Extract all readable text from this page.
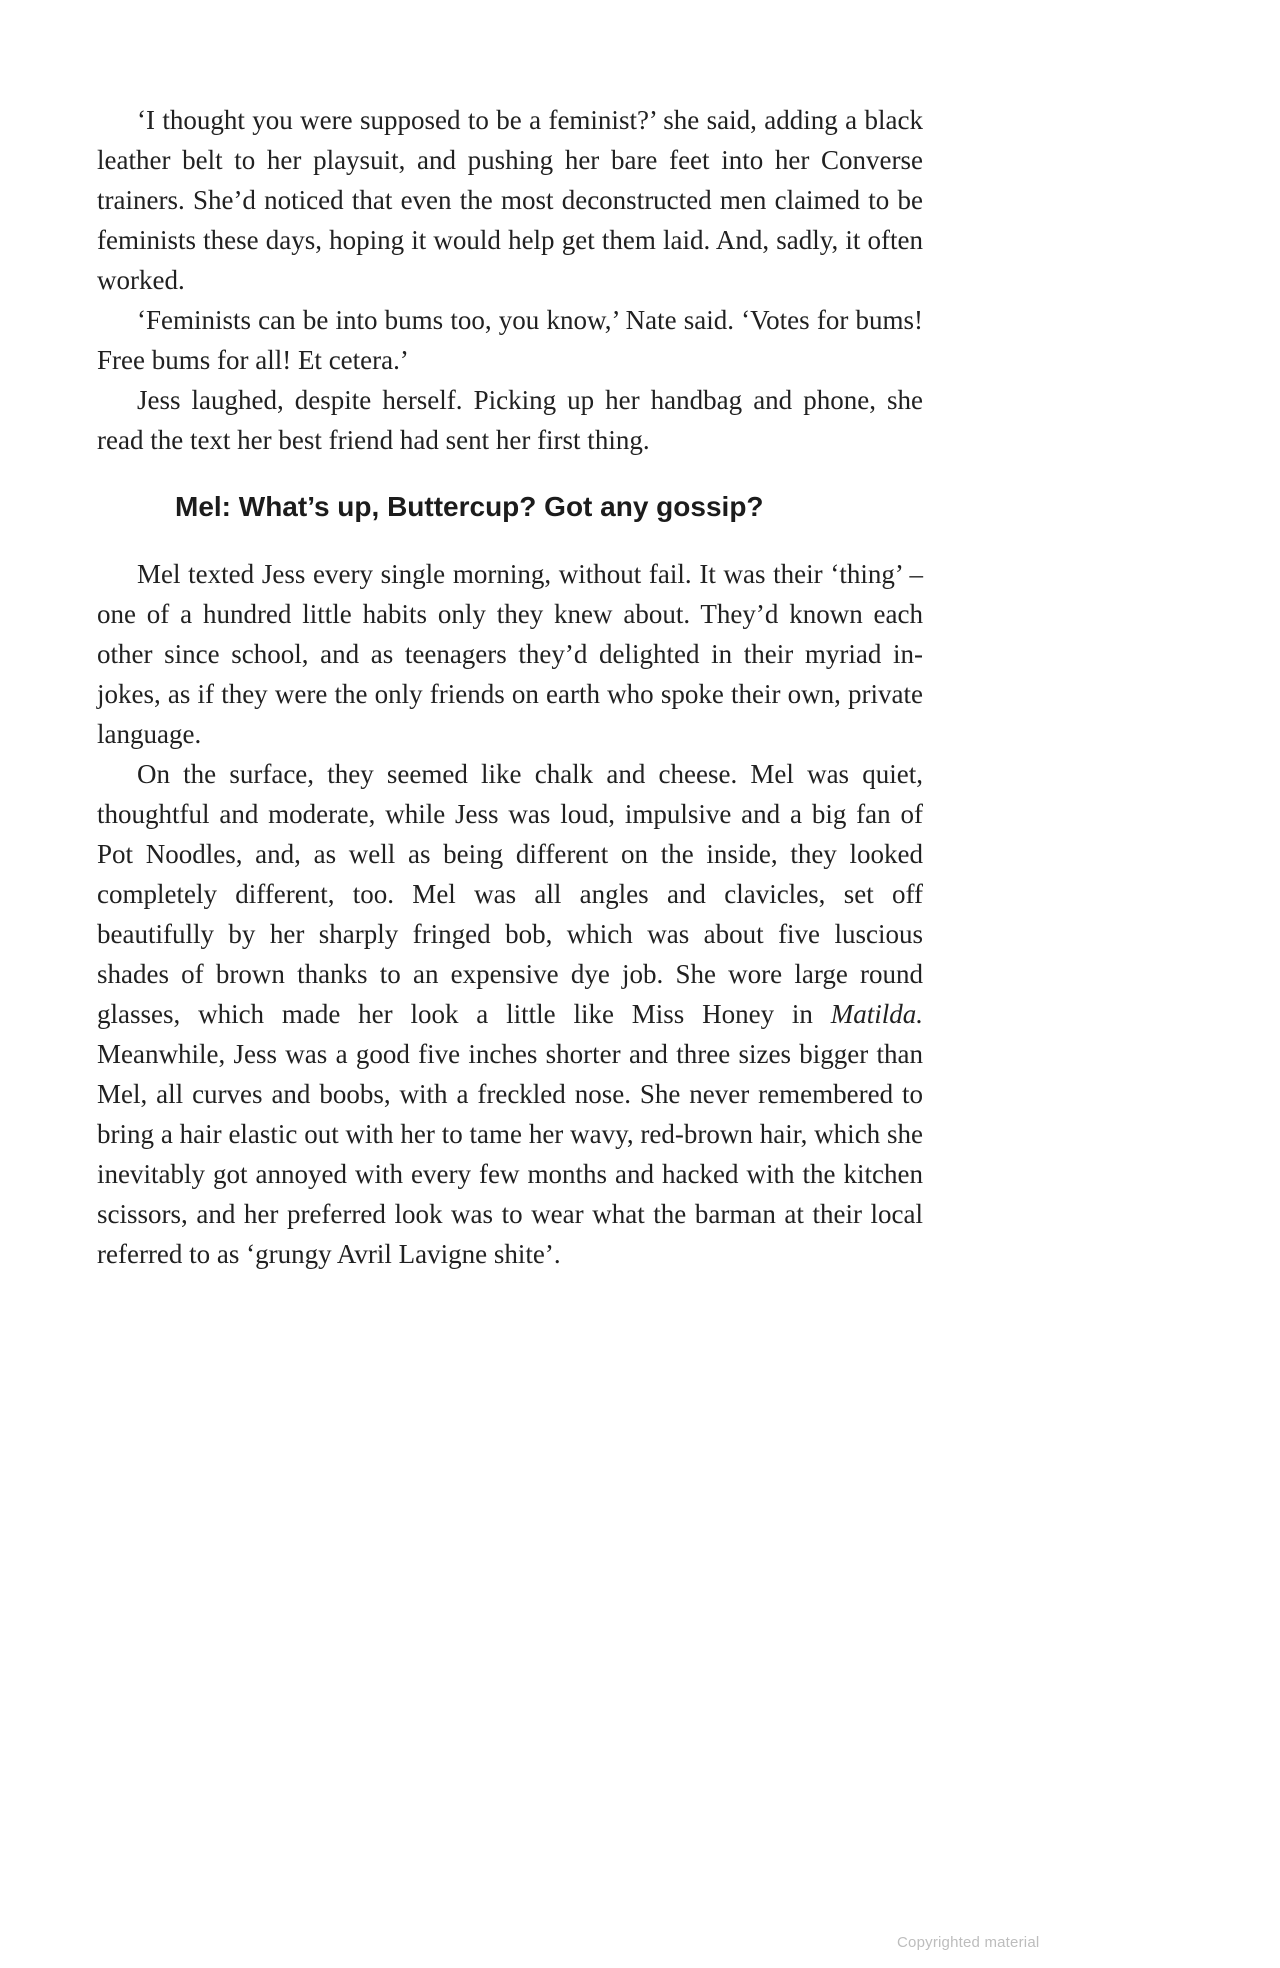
‘I thought you were supposed to be a feminist?’ she said, adding a black leather belt to her playsuit, and pushing her bare feet into her Converse trainers. She’d noticed that even the most deconstructed men claimed to be feminists these days, hoping it would help get them laid. And, sadly, it often worked.

‘Feminists can be into bums too, you know,’ Nate said. ‘Votes for bums! Free bums for all! Et cetera.’

Jess laughed, despite herself. Picking up her handbag and phone, she read the text her best friend had sent her first thing.

Mel: What’s up, Buttercup? Got any gossip?

Mel texted Jess every single morning, without fail. It was their ‘thing’ – one of a hundred little habits only they knew about. They’d known each other since school, and as teenagers they’d delighted in their myriad in-jokes, as if they were the only friends on earth who spoke their own, private language.

On the surface, they seemed like chalk and cheese. Mel was quiet, thoughtful and moderate, while Jess was loud, impulsive and a big fan of Pot Noodles, and, as well as being different on the inside, they looked completely different, too. Mel was all angles and clavicles, set off beautifully by her sharply fringed bob, which was about five luscious shades of brown thanks to an expensive dye job. She wore large round glasses, which made her look a little like Miss Honey in Matilda. Meanwhile, Jess was a good five inches shorter and three sizes bigger than Mel, all curves and boobs, with a freckled nose. She never remembered to bring a hair elastic out with her to tame her wavy, red-brown hair, which she inevitably got annoyed with every few months and hacked with the kitchen scissors, and her preferred look was to wear what the barman at their local referred to as ‘grungy Avril Lavigne shite’.

Copyrighted material
